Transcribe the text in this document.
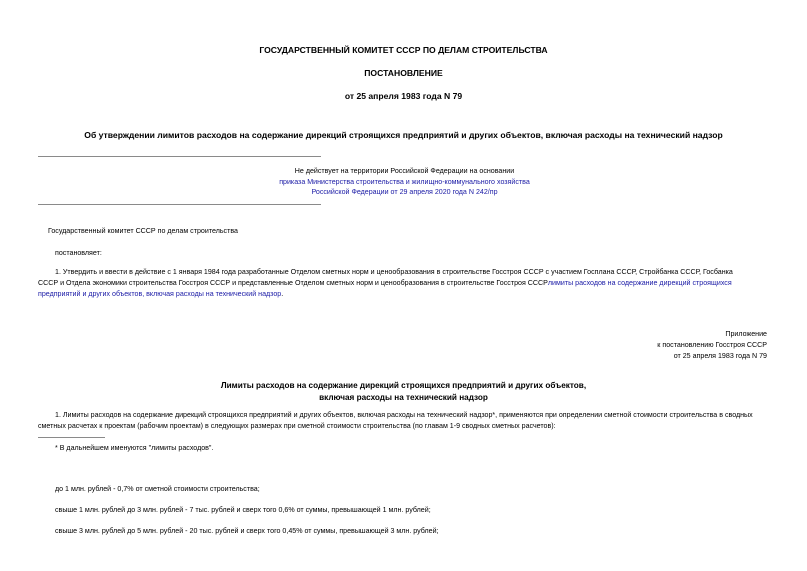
ГОСУДАРСТВЕННЫЙ КОМИТЕТ СССР ПО ДЕЛАМ СТРОИТЕЛЬСТВА
ПОСТАНОВЛЕНИЕ
от 25 апреля 1983 года N 79
Об утверждении лимитов расходов на содержание дирекций строящихся предприятий и других объектов, включая расходы на технический надзор
Не действует на территории Российской Федерации на основании
приказа Министерства строительства и жилищно-коммунального хозяйства
Российской Федерации от 29 апреля 2020 года N 242/пр
Государственный комитет СССР по делам строительства
постановляет:
1. Утвердить и ввести в действие с 1 января 1984 года разработанные Отделом сметных норм и ценообразования в строительстве Госстроя СССР с участием Госплана СССР, Стройбанка СССР, Госбанка
СССР и Отдела экономики строительства Госстроя СССР и представленные Отделом сметных норм и ценообразования в строительстве Госстроя СССРлимиты расходов на содержание дирекций строящихся
предприятий и других объектов, включая расходы на технический надзор.
Приложение
к постановлению Госстроя СССР
от 25 апреля 1983 года N 79
Лимиты расходов на содержание дирекций строящихся предприятий и других объектов,
включая расходы на технический надзор
1. Лимиты расходов на содержание дирекций строящихся предприятий и других объектов, включая расходы на технический надзор*, применяются при определении сметной стоимости строительства в сводных
сметных расчетах к проектам (рабочим проектам) в следующих размерах при сметной стоимости строительства (по главам 1-9 сводных сметных расчетов):
* В дальнейшем именуются "лимиты расходов".
до 1 млн. рублей - 0,7% от сметной стоимости строительства;
свыше 1 млн. рублей до 3 млн. рублей - 7 тыс. рублей и сверх того 0,6% от суммы, превышающей 1 млн. рублей;
свыше 3 млн. рублей до 5 млн. рублей - 20 тыс. рублей и сверх того 0,45% от суммы, превышающей 3 млн. рублей;
